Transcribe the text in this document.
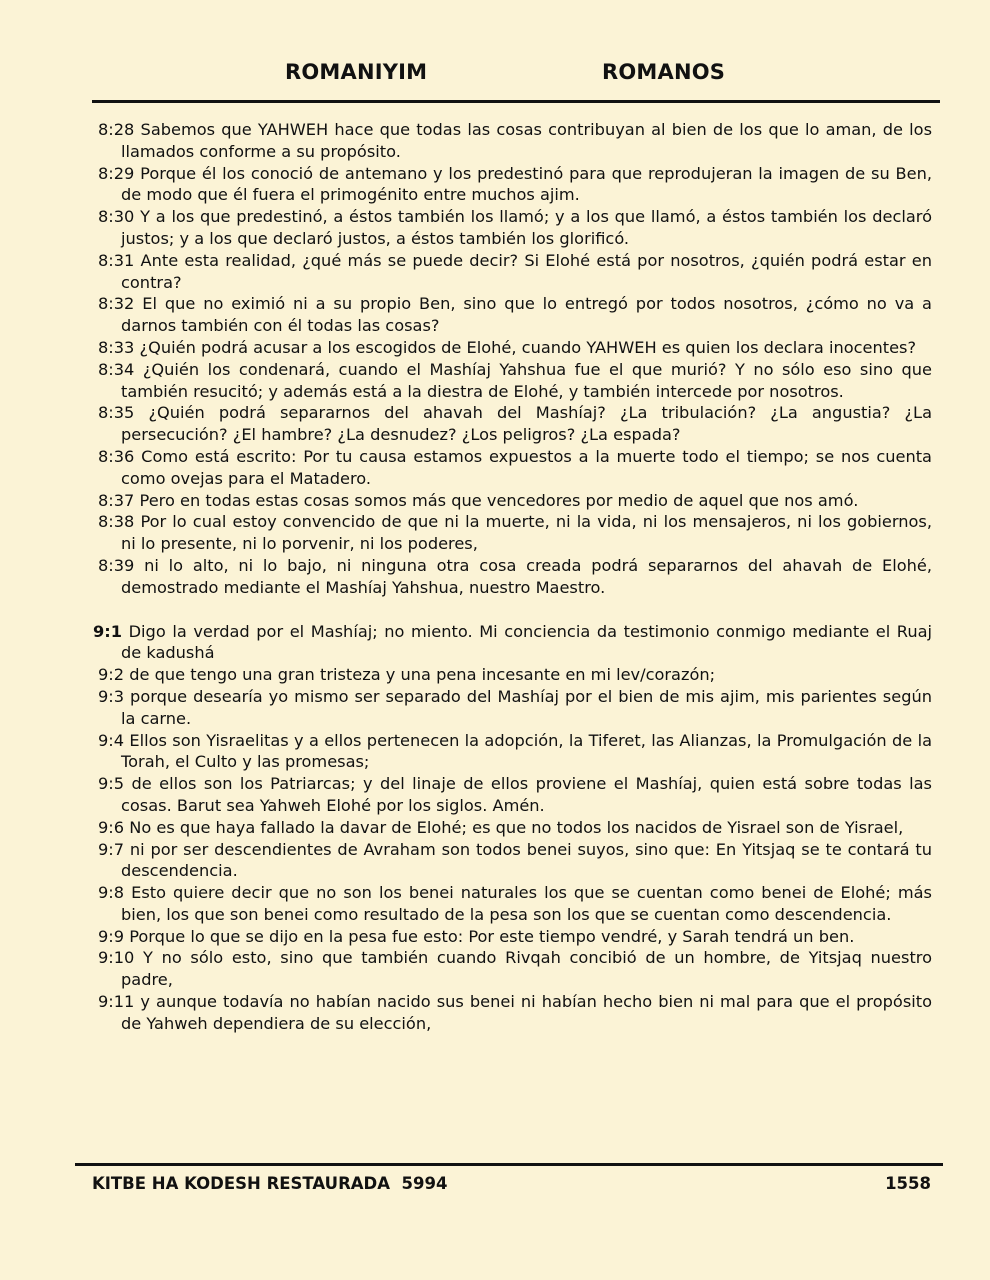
ROMANIYIM	ROMANOS
8:28 Sabemos que YAHWEH hace que todas las cosas contribuyan al bien de los que lo aman, de los llamados conforme a su propósito.
8:29 Porque él los conoció de antemano y los predestinó para que reprodujeran la imagen de su Ben, de modo que él fuera el primogénito entre muchos ajim.
8:30 Y a los que predestinó, a éstos también los llamó; y a los que llamó, a éstos también los declaró justos; y a los que declaró justos, a éstos también los glorificó.
8:31 Ante esta realidad, ¿qué más se puede decir? Si Elohé está por nosotros, ¿quién podrá estar en contra?
8:32 El que no eximió ni a su propio Ben, sino que lo entregó por todos nosotros, ¿cómo no va a darnos también con él todas las cosas?
8:33 ¿Quién podrá acusar a los escogidos de Elohé, cuando YAHWEH es quien los declara inocentes?
8:34 ¿Quién los condenará, cuando el Mashíaj Yahshua fue el que murió? Y no sólo eso sino que también resucitó; y además está a la diestra de Elohé, y también intercede por nosotros.
8:35 ¿Quién podrá separarnos del ahavah del Mashíaj? ¿La tribulación? ¿La angustia? ¿La persecución? ¿El hambre? ¿La desnudez? ¿Los peligros? ¿La espada?
8:36 Como está escrito: Por tu causa estamos expuestos a la muerte todo el tiempo; se nos cuenta como ovejas para el Matadero.
8:37 Pero en todas estas cosas somos más que vencedores por medio de aquel que nos amó.
8:38 Por lo cual estoy convencido de que ni la muerte, ni la vida, ni los mensajeros, ni los gobiernos, ni lo presente, ni lo porvenir, ni los poderes,
8:39 ni lo alto, ni lo bajo, ni ninguna otra cosa creada podrá separarnos del ahavah de Elohé, demostrado mediante el Mashíaj Yahshua, nuestro Maestro.
9:1 Digo la verdad por el Mashíaj; no miento. Mi conciencia da testimonio conmigo mediante el Ruaj de kadushá
9:2 de que tengo una gran tristeza y una pena incesante en mi lev/corazón;
9:3 porque desearía yo mismo ser separado del Mashíaj por el bien de mis ajim, mis parientes según la carne.
9:4 Ellos son Yisraelitas y a ellos pertenecen la adopción, la Tiferet, las Alianzas, la Promulgación de la Torah, el Culto y las promesas;
9:5 de ellos son los Patriarcas; y del linaje de ellos proviene el Mashíaj, quien está sobre todas las cosas. Barut sea Yahweh Elohé por los siglos. Amén.
9:6 No es que haya fallado la davar de Elohé; es que no todos los nacidos de Yisrael son de Yisrael,
9:7 ni por ser descendientes de Avraham son todos benei suyos, sino que: En Yitsjaq se te contará tu descendencia.
9:8 Esto quiere decir que no son los benei naturales los que se cuentan como benei de Elohé; más bien, los que son benei como resultado de la pesa son los que se cuentan como descendencia.
9:9 Porque lo que se dijo en la pesa fue esto: Por este tiempo vendré, y Sarah tendrá un ben.
9:10 Y no sólo esto, sino que también cuando Rivqah concibió de un hombre, de Yitsjaq nuestro padre,
9:11 y aunque todavía no habían nacido sus benei ni habían hecho bien ni mal para que el propósito de Yahweh dependiera de su elección,
KITBE HA KODESH RESTAURADA  5994	1558
